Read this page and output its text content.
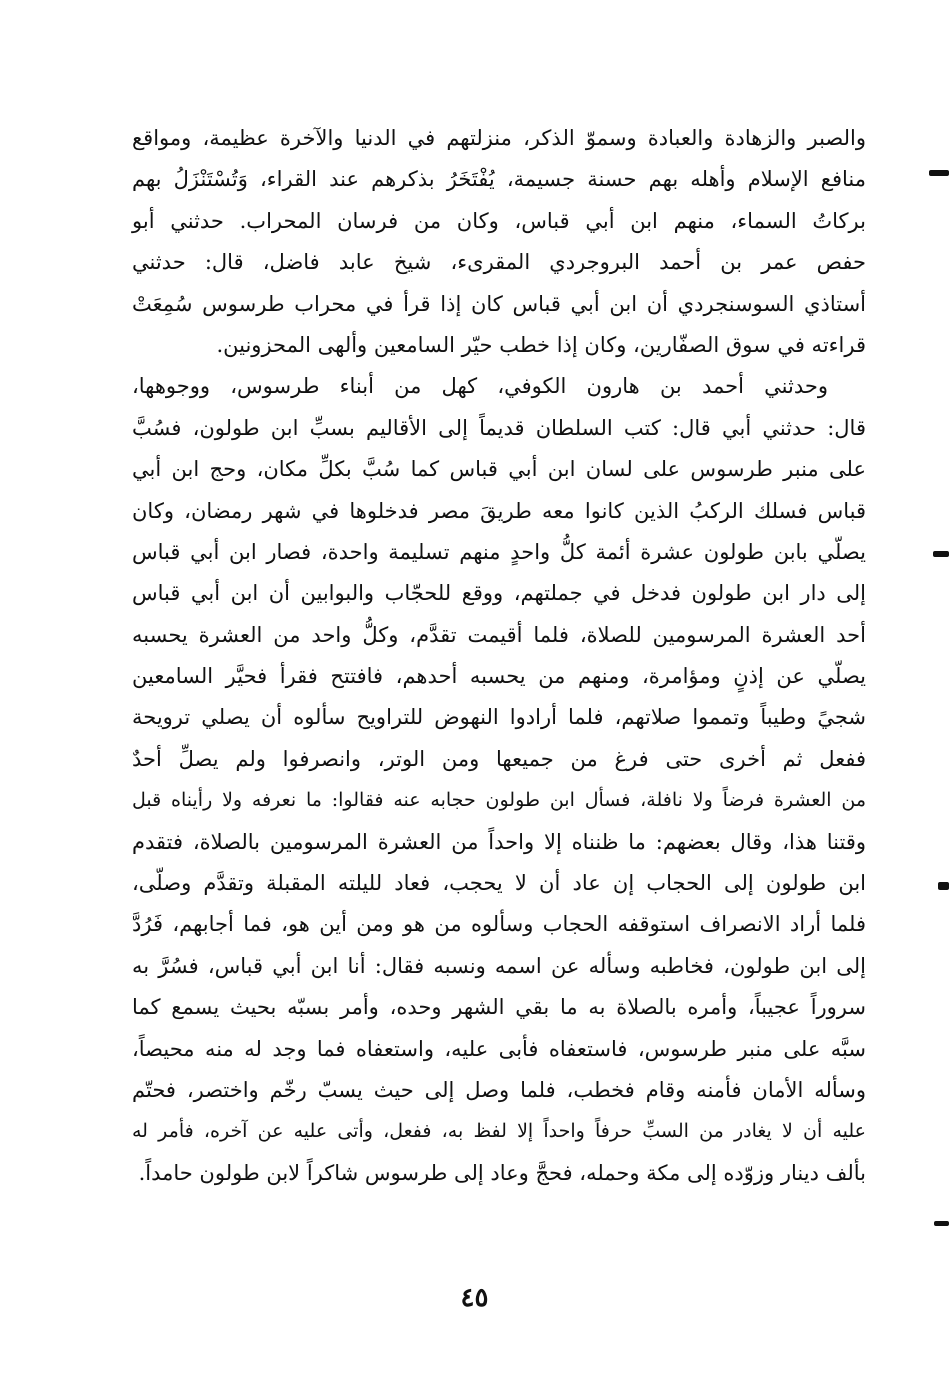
والصبر والزهادة والعبادة وسموّ الذكر، منزلتهم في الدنيا والآخرة عظيمة، ومواقع
منافع الإسلام وأهله بهم حسنة جسيمة، يُفْتَخَرُ بذكرهم عند القراء، وَتُسْتَنْزَلُ بهم
بركاتُ السماء، منهم ابن أبي قباس، وكان من فرسان المحراب. حدثني أبو
حفص عمر بن أحمد البروجردي المقرىء، شيخ عابد فاضل، قال: حدثني
أستاذي السوسنجردي أن ابن أبي قباس كان إذا قرأ في محراب طرسوس سُمِعَتْ
قراءته في سوق الصفّارين، وكان إذا خطب حيّر السامعين وألهى المحزونين.
وحدثني أحمد بن هارون الكوفي، كهل من أبناء طرسوس، ووجوهها،
قال: حدثني أبي قال: كتب السلطان قديماً إلى الأقاليم بسبِّ ابن طولون، فسُبَّ
على منبر طرسوس على لسان ابن أبي قباس كما سُبَّ بكلِّ مكان، وحج ابن أبي
قباس فسلك الركبُ الذين كانوا معه طريقَ مصر فدخلوها في شهر رمضان، وكان
يصلّي بابن طولون عشرة أئمة كلُّ واحدٍ منهم تسليمة واحدة، فصار ابن أبي قباس
إلى دار ابن طولون فدخل في جملتهم، ووقع للحجّاب والبوابين أن ابن أبي قباس
أحد العشرة المرسومين للصلاة، فلما أقيمت تقدَّم، وكلُّ واحد من العشرة يحسبه
يصلّي عن إذنٍ ومؤامرة، ومنهم من يحسبه أحدهم، فافتتح فقرأ فحيَّر السامعين
شجيً وطيباً وتمموا صلاتهم، فلما أرادوا النهوض للتراويح سألوه أن يصلي ترويحة
ففعل ثم أخرى حتى فرغ من جميعها ومن الوتر، وانصرفوا ولم يصلِّ أحدٌ
من العشرة فرضاً ولا نافلة، فسأل ابن طولون حجابه عنه فقالوا: ما نعرفه ولا رأيناه قبل
وقتنا هذا، وقال بعضهم: ما ظنناه إلا واحداً من العشرة المرسومين بالصلاة، فتقدم
ابن طولون إلى الحجاب إن عاد أن لا يحجب، فعاد لليلته المقبلة وتقدَّم وصلّى،
فلما أراد الانصراف استوقفه الحجاب وسألوه من هو ومن أين هو، فما أجابهم، فَرُدَّ
إلى ابن طولون، فخاطبه وسأله عن اسمه ونسبه فقال: أنا ابن أبي قباس، فسُرَّ به
سروراً عجيباً، وأمره بالصلاة به ما بقي الشهر وحده، وأمر بسبّه بحيث يسمع كما
سبَّه على منبر طرسوس، فاستعفاه فأبى عليه، واستعفاه فما وجد له منه محيصاً،
وسأله الأمان فأمنه وقام فخطب، فلما وصل إلى حيث يسبّ رخّم واختصر، فحتّم
عليه أن لا يغادر من السبِّ حرفاً واحداً إلا لفظ به، ففعل، وأتى عليه عن آخره، فأمر له
بألف دينار وزوّده إلى مكة وحمله، فحجَّ وعاد إلى طرسوس شاكراً لابن طولون حامداً.
٤٥
